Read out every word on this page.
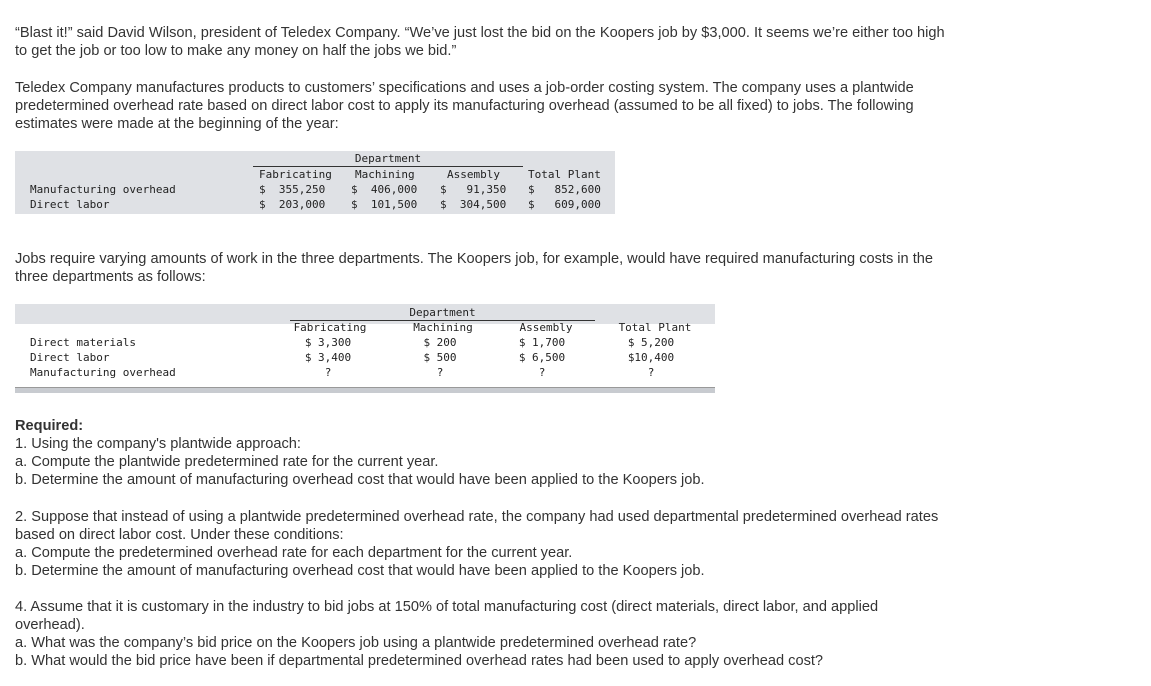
“Blast it!” said David Wilson, president of Teledex Company. “We’ve just lost the bid on the Koopers job by $3,000. It seems we’re either too high to get the job or too low to make any money on half the jobs we bid.”

Teledex Company manufactures products to customers’ specifications and uses a job-order costing system. The company uses a plantwide predetermined overhead rate based on direct labor cost to apply its manufacturing overhead (assumed to be all fixed) to jobs. The following estimates were made at the beginning of the year:

Department
Fabricating Machining	Assembly	Total Plant
Manufacturing overhead	$  355,250 $  406,000 $   91,350 $   852,600
Direct labor	$  203,000 $  101,500 $  304,500 $   609,000

Jobs require varying amounts of work in the three departments. The Koopers job, for example, would have required manufacturing costs in the three departments as follows:

Department
Fabricating	Machining	Assembly	Total Plant
Direct materials	$ 3,300	$ 200	$ 1,700	$ 5,200
Direct labor	$ 3,400	$ 500	$ 6,500	$10,400
Manufacturing overhead	?	?	?	?
Required:
1. Using the company's plantwide approach:
a. Compute the plantwide predetermined rate for the current year.
b. Determine the amount of manufacturing overhead cost that would have been applied to the Koopers job.
2. Suppose that instead of using a plantwide predetermined overhead rate, the company had used departmental predetermined overhead rates based on direct labor cost. Under these conditions:
a. Compute the predetermined overhead rate for each department for the current year.
b. Determine the amount of manufacturing overhead cost that would have been applied to the Koopers job.
4. Assume that it is customary in the industry to bid jobs at 150% of total manufacturing cost (direct materials, direct labor, and applied overhead).
a. What was the company’s bid price on the Koopers job using a plantwide predetermined overhead rate?
b. What would the bid price have been if departmental predetermined overhead rates had been used to apply overhead cost?
